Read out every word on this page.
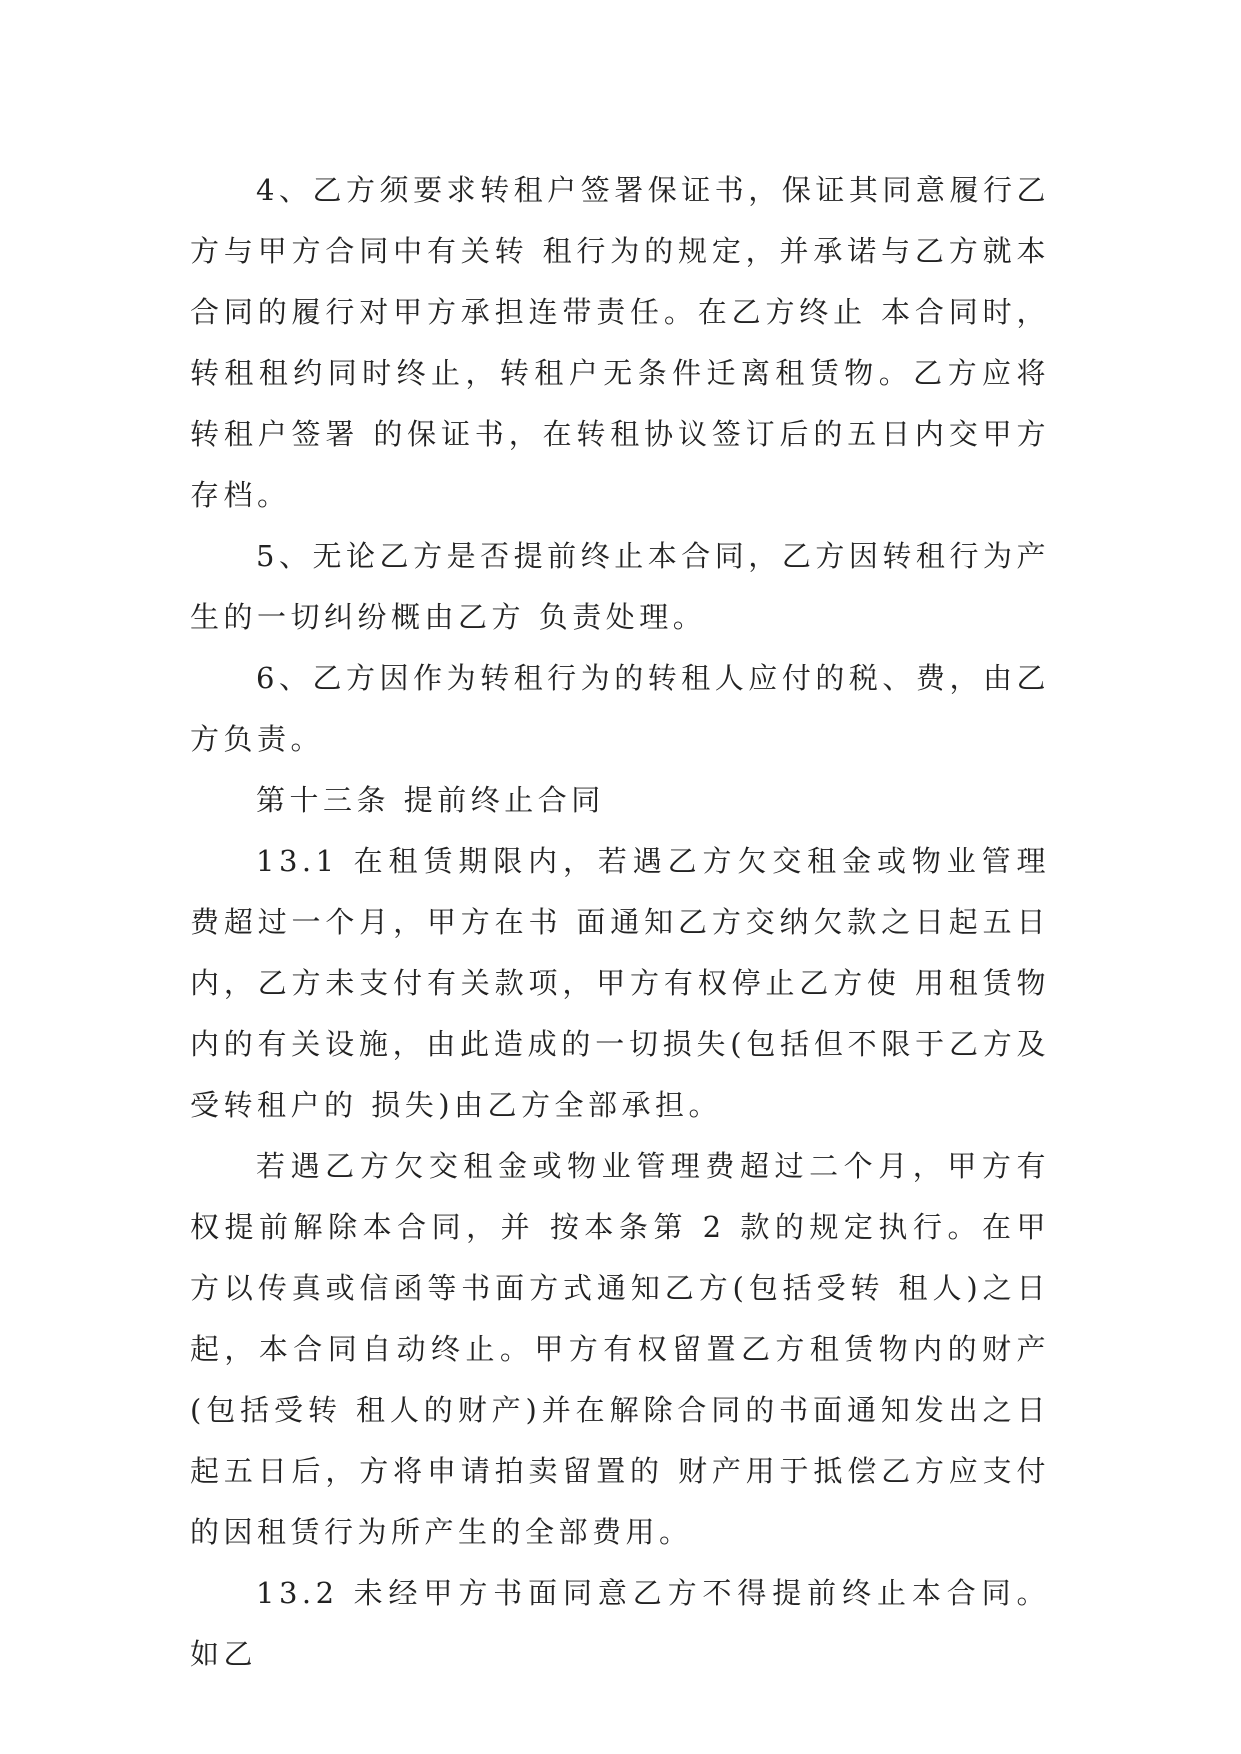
4、乙方须要求转租户签署保证书，保证其同意履行乙方与甲方合同中有关转 租行为的规定，并承诺与乙方就本合同的履行对甲方承担连带责任。在乙方终止 本合同时，转租租约同时终止，转租户无条件迁离租赁物。乙方应将转租户签署 的保证书，在转租协议签订后的五日内交甲方存档。

5、无论乙方是否提前终止本合同，乙方因转租行为产生的一切纠纷概由乙方 负责处理。

6、乙方因作为转租行为的转租人应付的税、费，由乙方负责。

第十三条 提前终止合同

13.1 在租赁期限内，若遇乙方欠交租金或物业管理费超过一个月，甲方在书 面通知乙方交纳欠款之日起五日内，乙方未支付有关款项，甲方有权停止乙方使 用租赁物内的有关设施，由此造成的一切损失(包括但不限于乙方及受转租户的 损失)由乙方全部承担。

若遇乙方欠交租金或物业管理费超过二个月，甲方有权提前解除本合同，并 按本条第 2 款的规定执行。在甲方以传真或信函等书面方式通知乙方(包括受转 租人)之日起，本合同自动终止。甲方有权留置乙方租赁物内的财产(包括受转 租人的财产)并在解除合同的书面通知发出之日起五日后，方将申请拍卖留置的 财产用于抵偿乙方应支付的因租赁行为所产生的全部费用。

13.2 未经甲方书面同意乙方不得提前终止本合同。如乙
